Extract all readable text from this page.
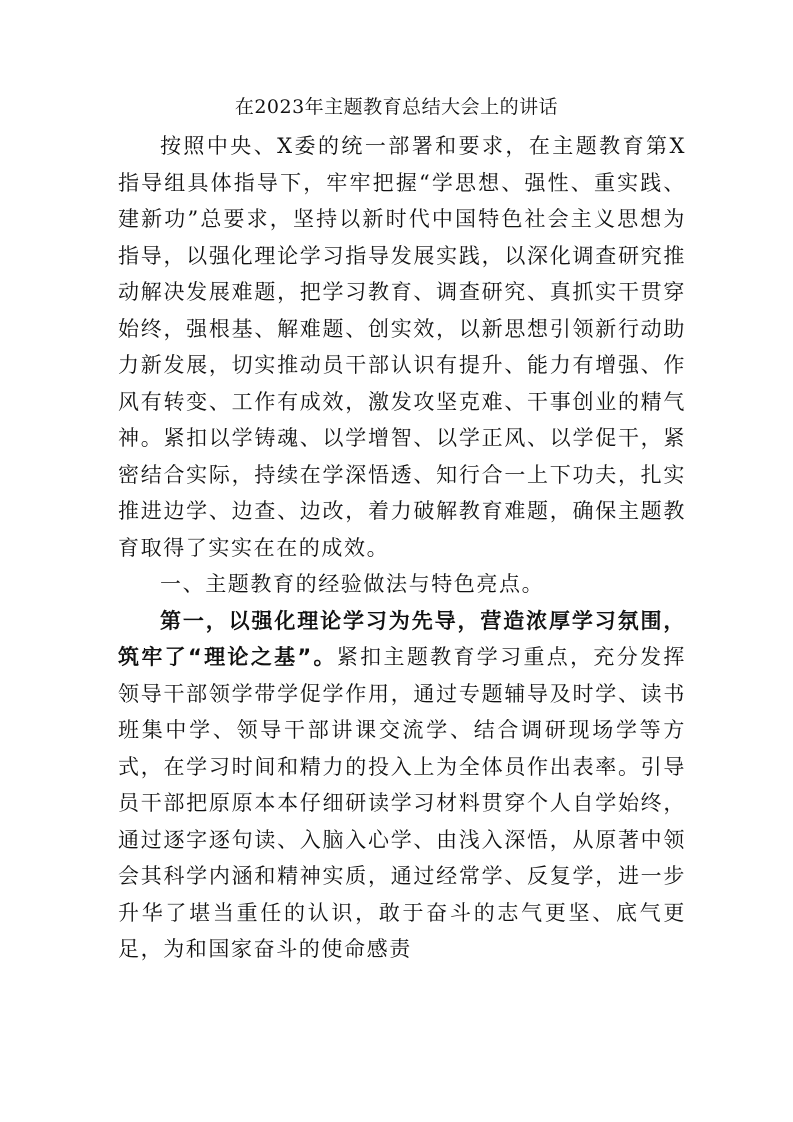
在2023年主题教育总结大会上的讲话

按照中央、X委的统一部署和要求，在主题教育第X指导组具体指导下，牢牢把握“学思想、强性、重实践、建新功”总要求，坚持以新时代中国特色社会主义思想为指导，以强化理论学习指导发展实践，以深化调查研究推动解决发展难题，把学习教育、调查研究、真抓实干贯穿始终，强根基、解难题、创实效，以新思想引领新行动助力新发展，切实推动员干部认识有提升、能力有增强、作风有转变、工作有成效，激发攻坚克难、干事创业的精气神。紧扣以学铸魂、以学增智、以学正风、以学促干，紧密结合实际，持续在学深悟透、知行合一上下功夫，扎实推进边学、边查、边改，着力破解教育难题，确保主题教育取得了实实在在的成效。

一、主题教育的经验做法与特色亮点。

第一，以强化理论学习为先导，营造浓厚学习氛围，筑牢了“理论之基”。紧扣主题教育学习重点，充分发挥领导干部领学带学促学作用，通过专题辅导及时学、读书班集中学、领导干部讲课交流学、结合调研现场学等方式，在学习时间和精力的投入上为全体员作出表率。引导员干部把原原本本仔细研读学习材料贯穿个人自学始终，通过逐字逐句读、入脑入心学、由浅入深悟，从原著中领会其科学内涵和精神实质，通过经常学、反复学，进一步升华了堪当重任的认识，敢于奋斗的志气更坚、底气更足，为和国家奋斗的使命感责
